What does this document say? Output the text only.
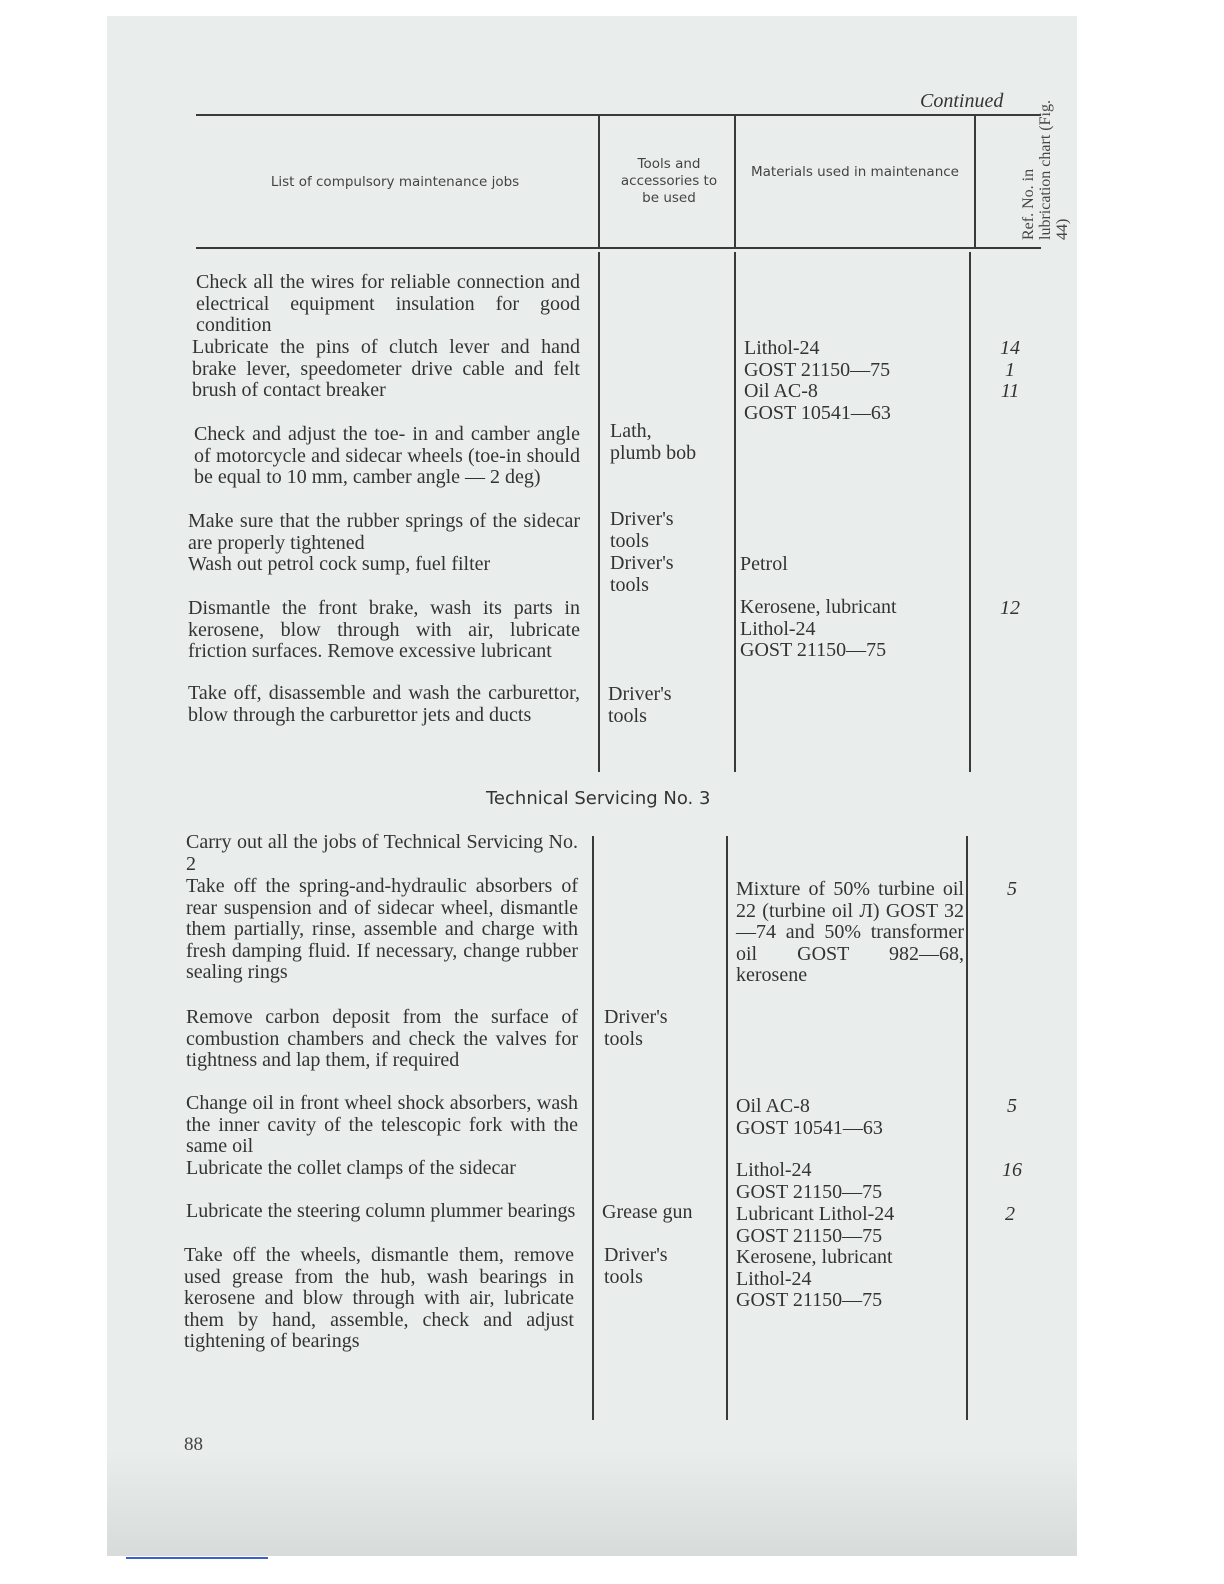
Continued
List of compulsory maintenance jobs
Tools and accessories to be used
Materials used in maintenance	Ref. No. in lubrication chart (Fig. 44)
Check all the wires for reliable connection and electrical equipment insulation for good condition
Lubricate the pins of clutch lever and hand brake lever, speedometer drive cable and felt brush of contact breaker
Check and adjust the toe- in and camber angle of motorcycle and sidecar wheels (toe-in should be equal to 10 mm, camber angle — 2 deg)
Make sure that the rubber springs of the sidecar are properly tightened
Wash out petrol cock sump, fuel filter
Dismantle the front brake, wash its parts in kerosene, blow through with air, lubricate friction surfaces. Remove excessive lubricant
Take off, disassemble and wash the carburettor, blow through the carburettor jets and ducts
Lath,
plumb bob
Driver's
tools
Driver's
tools
Driver's
tools
Lithol-24
GOST 21150—75
Oil AC-8
GOST 10541—63
Petrol
Kerosene, lubricant
Lithol-24
GOST 21150—75
14
1
11
12
Technical Servicing No. 3
Carry out all the jobs of Technical Servicing No. 2
Take off the spring-and-hydraulic absorbers of rear suspension and of sidecar wheel, dismantle them partially, rinse, assemble and charge with fresh damping fluid. If necessary, change rubber sealing rings
Remove carbon deposit from the surface of combustion chambers and check the valves for tightness and lap them, if required
Change oil in front wheel shock absorbers, wash the inner cavity of the telescopic fork with the same oil
Lubricate the collet clamps of the sidecar
Lubricate the steering column plummer bearings
Take off the wheels, dismantle them, remove used grease from the hub, wash bearings in kerosene and blow through with air, lubricate them by hand, assemble, check and adjust tightening of bearings
Driver's
tools
Grease gun
Driver's
tools
Mixture of 50% turbine oil 22 (turbine oil Л) GOST 32—74 and 50% transformer oil GOST 982—68, kerosene
Oil AC-8
GOST 10541—63
Lithol-24
GOST 21150—75
Lubricant Lithol-24
GOST 21150—75
Kerosene, lubricant
Lithol-24
GOST 21150—75
5
5
16
2
88
